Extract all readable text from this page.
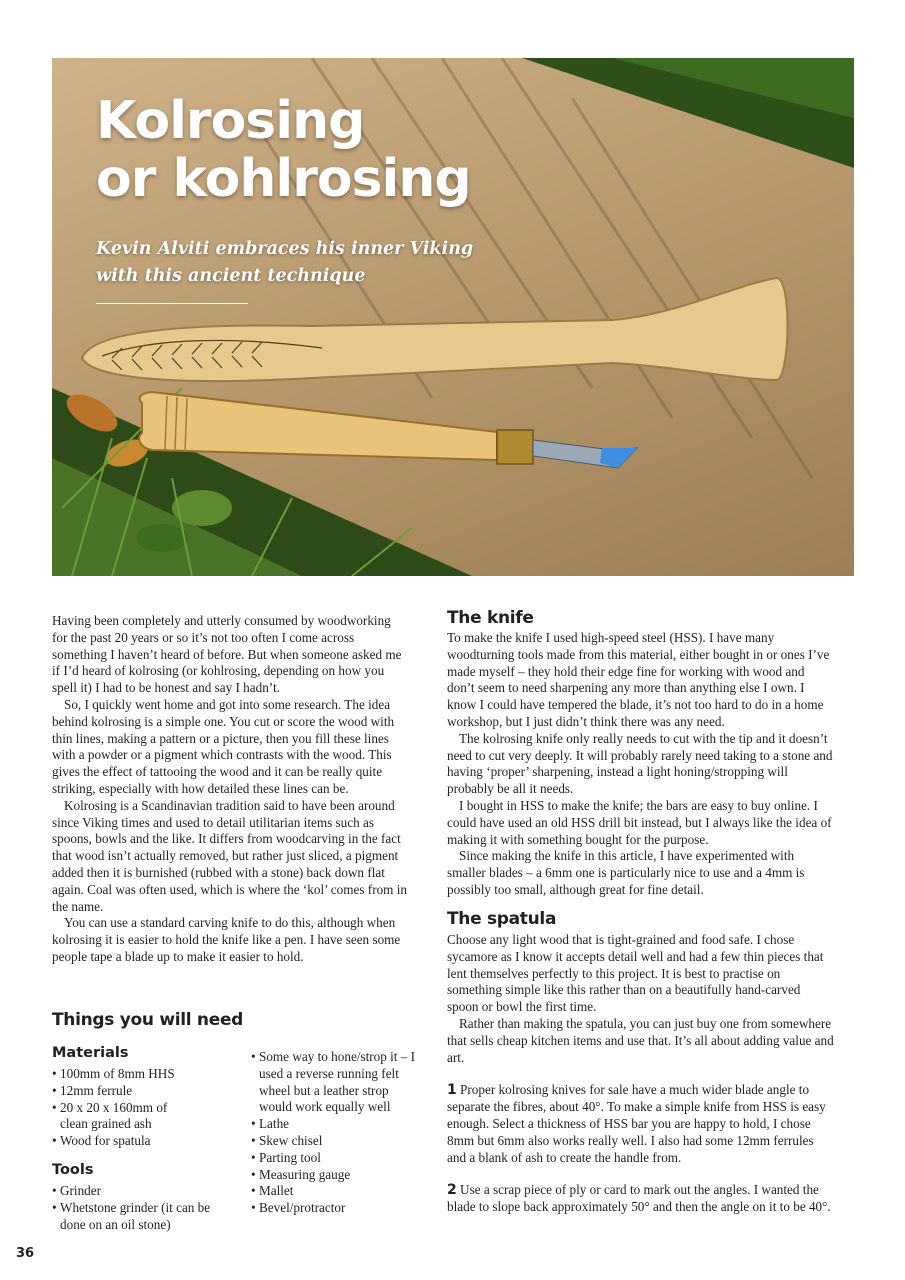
Kolrosing
or kohlrosing

Kevin Alviti embraces his inner Viking
with this ancient technique

Having been completely and utterly consumed by woodworking for the past 20 years or so it’s not too often I come across something I haven’t heard of before. But when someone asked me if I’d heard of kolrosing (or kohlrosing, depending on how you spell it) I had to be honest and say I hadn’t.

So, I quickly went home and got into some research. The idea behind kolrosing is a simple one. You cut or score the wood with thin lines, making a pattern or a picture, then you fill these lines with a powder or a pigment which contrasts with the wood. This gives the effect of tattooing the wood and it can be really quite striking, especially with how detailed these lines can be.

Kolrosing is a Scandinavian tradition said to have been around since Viking times and used to detail utilitarian items such as spoons, bowls and the like. It differs from woodcarving in the fact that wood isn’t actually removed, but rather just sliced, a pigment added then it is burnished (rubbed with a stone) back down flat again. Coal was often used, which is where the ‘kol’ comes from in the name.

You can use a standard carving knife to do this, although when kolrosing it is easier to hold the knife like a pen. I have seen some people tape a blade up to make it easier to hold.

Things you will need
Materials
• 100mm of 8mm HHS
• 12mm ferrule
• 20 x 20 x 160mm of clean grained ash
• Wood for spatula
Tools
• Grinder
• Whetstone grinder (it can be done on an oil stone)
• Some way to hone/strop it – I used a reverse running felt wheel but a leather strop would work equally well
• Lathe
• Skew chisel
• Parting tool
• Measuring gauge
• Mallet
• Bevel/protractor
The knife

To make the knife I used high-speed steel (HSS). I have many woodturning tools made from this material, either bought in or ones I’ve made myself – they hold their edge fine for working with wood and don’t seem to need sharpening any more than anything else I own. I know I could have tempered the blade, it’s not too hard to do in a home workshop, but I just didn’t think there was any need.

The kolrosing knife only really needs to cut with the tip and it doesn’t need to cut very deeply. It will probably rarely need taking to a stone and having ‘proper’ sharpening, instead a light honing/stropping will probably be all it needs.

I bought in HSS to make the knife; the bars are easy to buy online. I could have used an old HSS drill bit instead, but I always like the idea of making it with something bought for the purpose.

Since making the knife in this article, I have experimented with smaller blades – a 6mm one is particularly nice to use and a 4mm is possibly too small, although great for fine detail.

The spatula

Choose any light wood that is tight-grained and food safe. I chose sycamore as I know it accepts detail well and had a few thin pieces that lent themselves perfectly to this project. It is best to practise on something simple like this rather than on a beautifully hand-carved spoon or bowl the first time.

Rather than making the spatula, you can just buy one from somewhere that sells cheap kitchen items and use that. It’s all about adding value and art.

1 Proper kolrosing knives for sale have a much wider blade angle to separate the fibres, about 40°. To make a simple knife from HSS is easy enough. Select a thickness of HSS bar you are happy to hold, I chose 8mm but 6mm also works really well. I also had some 12mm ferrules and a blank of ash to create the handle from.

2 Use a scrap piece of ply or card to mark out the angles. I wanted the blade to slope back approximately 50° and then the angle on it to be 40°.

36
